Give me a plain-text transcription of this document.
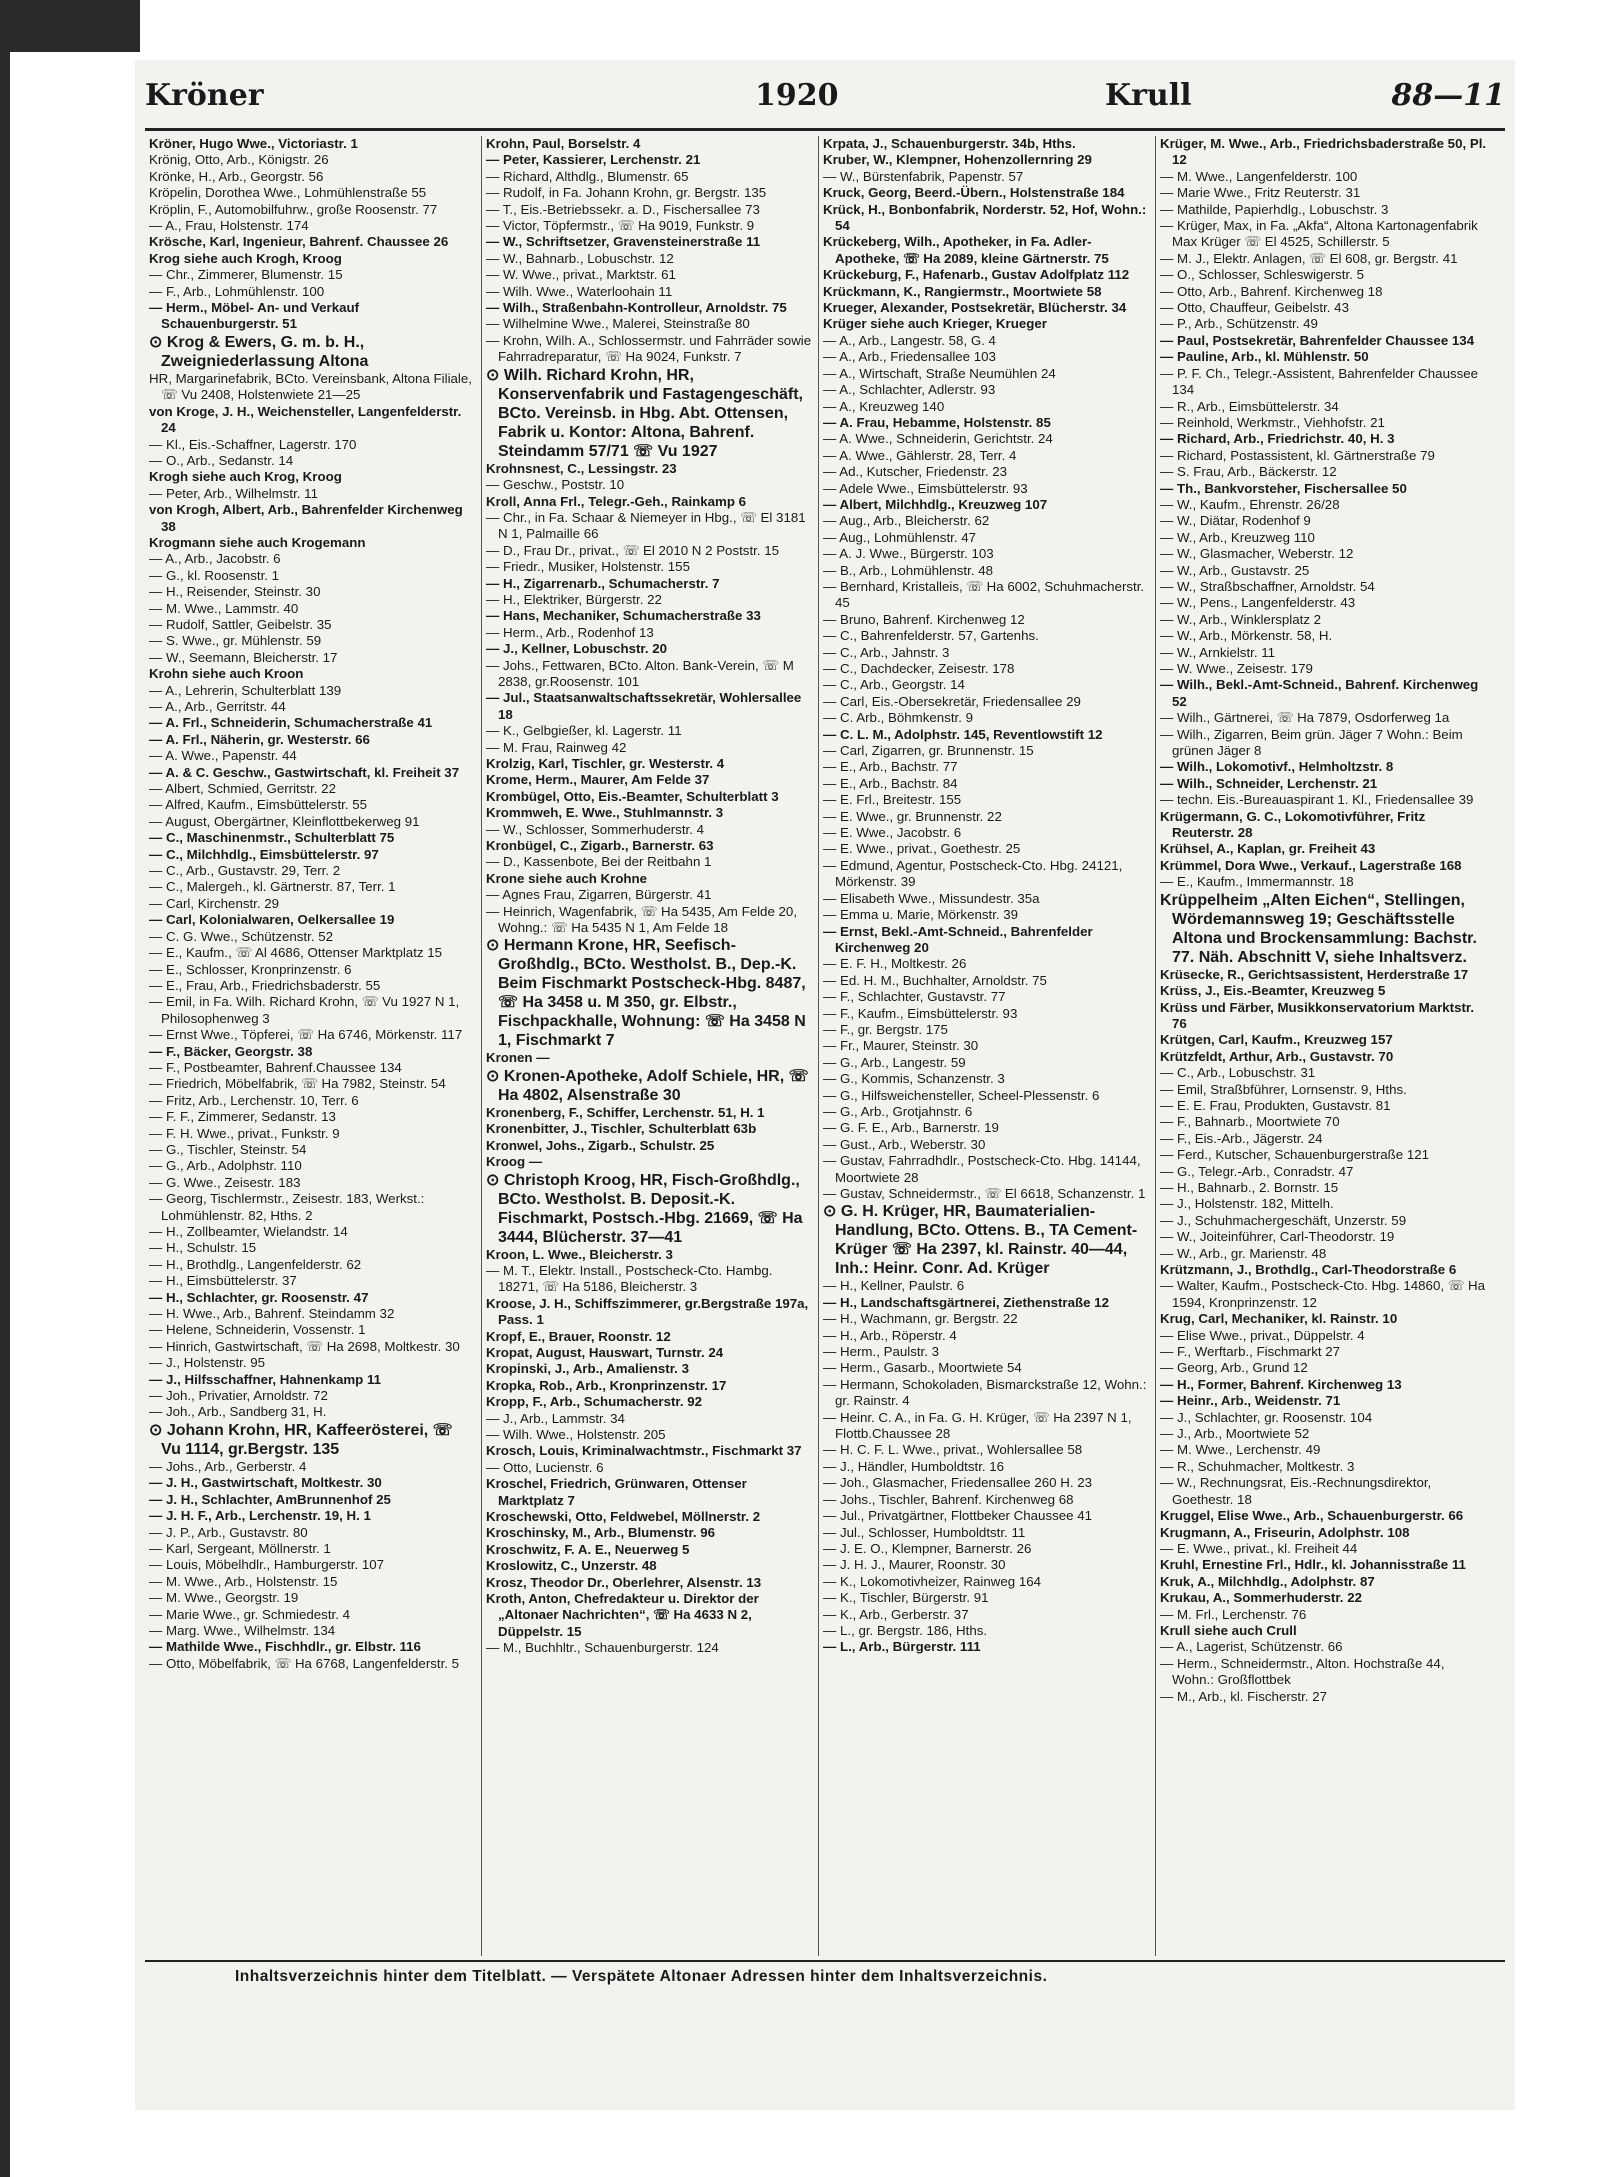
Kröner	1920	Krull	88—11

Kröner, Hugo Wwe., Victoriastr. 1

Krönig, Otto, Arb., Königstr. 26

Krönke, H., Arb., Georgstr. 56

Kröpelin, Dorothea Wwe., Lohmühlenstraße 55

Kröplin, F., Automobilfuhrw., große Roosenstr. 77

— A., Frau, Holstenstr. 174

Krösche, Karl, Ingenieur, Bahrenf. Chaussee 26

Krog siehe auch Krogh, Kroog

— Chr., Zimmerer, Blumenstr. 15

— F., Arb., Lohmühlenstr. 100

— Herm., Möbel- An- und Verkauf Schauenburgerstr. 51

⊙ Krog & Ewers, G. m. b. H., Zweigniederlassung Altona

HR, Margarinefabrik, BCto. Vereinsbank, Altona Filiale, ☏ Vu 2408, Holstenwiete 21—25

von Kroge, J. H., Weichensteller, Langenfelderstr. 24

— Kl., Eis.-Schaffner, Lagerstr. 170

— O., Arb., Sedanstr. 14

Krogh siehe auch Krog, Kroog

— Peter, Arb., Wilhelmstr. 11

von Krogh, Albert, Arb., Bahrenfelder Kirchenweg 38

Krogmann siehe auch Krogemann

— A., Arb., Jacobstr. 6

— G., kl. Roosenstr. 1

— H., Reisender, Steinstr. 30

— M. Wwe., Lammstr. 40

— Rudolf, Sattler, Geibelstr. 35

— S. Wwe., gr. Mühlenstr. 59

— W., Seemann, Bleicherstr. 17

Krohn siehe auch Kroon

— A., Lehrerin, Schulterblatt 139

— A., Arb., Gerritstr. 44

— A. Frl., Schneiderin, Schumacherstraße 41

— A. Frl., Näherin, gr. Westerstr. 66

— A. Wwe., Papenstr. 44

— A. & C. Geschw., Gastwirtschaft, kl. Freiheit 37

— Albert, Schmied, Gerritstr. 22

— Alfred, Kaufm., Eimsbüttelerstr. 55

— August, Obergärtner, Kleinflottbekerweg 91

— C., Maschinenmstr., Schulterblatt 75

— C., Milchhdlg., Eimsbüttelerstr. 97

— C., Arb., Gustavstr. 29, Terr. 2

— C., Malergeh., kl. Gärtnerstr. 87, Terr. 1

— Carl, Kirchenstr. 29

— Carl, Kolonialwaren, Oelkersallee 19

— C. G. Wwe., Schützenstr. 52

— E., Kaufm., ☏ Al 4686, Ottenser Marktplatz 15

— E., Schlosser, Kronprinzenstr. 6

— E., Frau, Arb., Friedrichsbaderstr. 55

— Emil, in Fa. Wilh. Richard Krohn, ☏ Vu 1927 N 1, Philosophenweg 3

— Ernst Wwe., Töpferei, ☏ Ha 6746, Mörkenstr. 117

— F., Bäcker, Georgstr. 38

— F., Postbeamter, Bahrenf.Chaussee 134

— Friedrich, Möbelfabrik, ☏ Ha 7982, Steinstr. 54

— Fritz, Arb., Lerchenstr. 10, Terr. 6

— F. F., Zimmerer, Sedanstr. 13

— F. H. Wwe., privat., Funkstr. 9

— G., Tischler, Steinstr. 54

— G., Arb., Adolphstr. 110

— G. Wwe., Zeisestr. 183

— Georg, Tischlermstr., Zeisestr. 183, Werkst.: Lohmühlenstr. 82, Hths. 2

— H., Zollbeamter, Wielandstr. 14

— H., Schulstr. 15

— H., Brothdlg., Langenfelderstr. 62

— H., Eimsbüttelerstr. 37

— H., Schlachter, gr. Roosenstr. 47

— H. Wwe., Arb., Bahrenf. Steindamm 32

— Helene, Schneiderin, Vossenstr. 1

— Hinrich, Gastwirtschaft, ☏ Ha 2698, Moltkestr. 30

— J., Holstenstr. 95

— J., Hilfsschaffner, Hahnenkamp 11

— Joh., Privatier, Arnoldstr. 72

— Joh., Arb., Sandberg 31, H.

⊙ Johann Krohn, HR, Kaffeerösterei, ☏ Vu 1114, gr.Bergstr. 135

— Johs., Arb., Gerberstr. 4

— J. H., Gastwirtschaft, Moltkestr. 30

— J. H., Schlachter, AmBrunnenhof 25

— J. H. F., Arb., Lerchenstr. 19, H. 1

— J. P., Arb., Gustavstr. 80

— Karl, Sergeant, Möllnerstr. 1

— Louis, Möbelhdlr., Hamburgerstr. 107

— M. Wwe., Arb., Holstenstr. 15

— M. Wwe., Georgstr. 19

— Marie Wwe., gr. Schmiedestr. 4

— Marg. Wwe., Wilhelmstr. 134

— Mathilde Wwe., Fischhdlr., gr. Elbstr. 116

— Otto, Möbelfabrik, ☏ Ha 6768, Langenfelderstr. 5

Krohn, Paul, Borselstr. 4

— Peter, Kassierer, Lerchenstr. 21

— Richard, Althdlg., Blumenstr. 65

— Rudolf, in Fa. Johann Krohn, gr. Bergstr. 135

— T., Eis.-Betriebssekr. a. D., Fischersallee 73

— Victor, Töpfermstr., ☏ Ha 9019, Funkstr. 9

— W., Schriftsetzer, Gravensteinerstraße 11

— W., Bahnarb., Lobuschstr. 12

— W. Wwe., privat., Marktstr. 61

— Wilh. Wwe., Waterloohain 11

— Wilh., Straßenbahn-Kontrolleur, Arnoldstr. 75

— Wilhelmine Wwe., Malerei, Steinstraße 80

— Krohn, Wilh. A., Schlossermstr. und Fahrräder sowie Fahrradreparatur, ☏ Ha 9024, Funkstr. 7

⊙ Wilh. Richard Krohn, HR, Konservenfabrik und Fastagengeschäft, BCto. Vereinsb. in Hbg. Abt. Ottensen, Fabrik u. Kontor: Altona, Bahrenf. Steindamm 57/71 ☏ Vu 1927

Krohnsnest, C., Lessingstr. 23

— Geschw., Poststr. 10

Kroll, Anna Frl., Telegr.-Geh., Rainkamp 6

— Chr., in Fa. Schaar & Niemeyer in Hbg., ☏ El 3181 N 1, Palmaille 66

— D., Frau Dr., privat., ☏ El 2010 N 2 Poststr. 15

— Friedr., Musiker, Holstenstr. 155

— H., Zigarrenarb., Schumacherstr. 7

— H., Elektriker, Bürgerstr. 22

— Hans, Mechaniker, Schumacherstraße 33

— Herm., Arb., Rodenhof 13

— J., Kellner, Lobuschstr. 20

— Johs., Fettwaren, BCto. Alton. Bank-Verein, ☏ M 2838, gr.Roosenstr. 101

— Jul., Staatsanwaltschaftssekretär, Wohlersallee 18

— K., Gelbgießer, kl. Lagerstr. 11

— M. Frau, Rainweg 42

Krolzig, Karl, Tischler, gr. Westerstr. 4

Krome, Herm., Maurer, Am Felde 37

Krombügel, Otto, Eis.-Beamter, Schulterblatt 3

Krommweh, E. Wwe., Stuhlmannstr. 3

— W., Schlosser, Sommerhuderstr. 4

Kronbügel, C., Zigarb., Barnerstr. 63

— D., Kassenbote, Bei der Reitbahn 1

Krone siehe auch Krohne

— Agnes Frau, Zigarren, Bürgerstr. 41

— Heinrich, Wagenfabrik, ☏ Ha 5435, Am Felde 20, Wohng.: ☏ Ha 5435 N 1, Am Felde 18

⊙ Hermann Krone, HR, Seefisch-Großhdlg., BCto. Westholst. B., Dep.-K. Beim Fischmarkt Postscheck-Hbg. 8487, ☏ Ha 3458 u. M 350, gr. Elbstr., Fischpackhalle, Wohnung: ☏ Ha 3458 N 1, Fischmarkt 7

Kronen —

⊙ Kronen-Apotheke, Adolf Schiele, HR, ☏ Ha 4802, Alsenstraße 30

Kronenberg, F., Schiffer, Lerchenstr. 51, H. 1

Kronenbitter, J., Tischler, Schulterblatt 63b

Kronwel, Johs., Zigarb., Schulstr. 25

Kroog —

⊙ Christoph Kroog, HR, Fisch-Großhdlg., BCto. Westholst. B. Deposit.-K. Fischmarkt, Postsch.-Hbg. 21669, ☏ Ha 3444, Blücherstr. 37—41

Kroon, L. Wwe., Bleicherstr. 3

— M. T., Elektr. Install., Postscheck-Cto. Hambg. 18271, ☏ Ha 5186, Bleicherstr. 3

Kroose, J. H., Schiffszimmerer, gr.Bergstraße 197a, Pass. 1

Kropf, E., Brauer, Roonstr. 12

Kropat, August, Hauswart, Turnstr. 24

Kropinski, J., Arb., Amalienstr. 3

Kropka, Rob., Arb., Kronprinzenstr. 17

Kropp, F., Arb., Schumacherstr. 92

— J., Arb., Lammstr. 34

— Wilh. Wwe., Holstenstr. 205

Krosch, Louis, Kriminalwachtmstr., Fischmarkt 37

— Otto, Lucienstr. 6

Kroschel, Friedrich, Grünwaren, Ottenser Marktplatz 7

Kroschewski, Otto, Feldwebel, Möllnerstr. 2

Kroschinsky, M., Arb., Blumenstr. 96

Kroschwitz, F. A. E., Neuerweg 5

Kroslowitz, C., Unzerstr. 48

Krosz, Theodor Dr., Oberlehrer, Alsenstr. 13

Kroth, Anton, Chefredakteur u. Direktor der „Altonaer Nachrichten“, ☏ Ha 4633 N 2, Düppelstr. 15

— M., Buchhltr., Schauenburgerstr. 124

Krpata, J., Schauenburgerstr. 34b, Hths.

Kruber, W., Klempner, Hohenzollernring 29

— W., Bürstenfabrik, Papenstr. 57

Kruck, Georg, Beerd.-Übern., Holstenstraße 184

Krück, H., Bonbonfabrik, Norderstr. 52, Hof, Wohn.: 54

Krückeberg, Wilh., Apotheker, in Fa. Adler-Apotheke, ☏ Ha 2089, kleine Gärtnerstr. 75

Krückeburg, F., Hafenarb., Gustav Adolfplatz 112

Krückmann, K., Rangiermstr., Moortwiete 58

Krueger, Alexander, Postsekretär, Blücherstr. 34

Krüger siehe auch Krieger, Krueger

— A., Arb., Langestr. 58, G. 4

— A., Arb., Friedensallee 103

— A., Wirtschaft, Straße Neumühlen 24

— A., Schlachter, Adlerstr. 93

— A., Kreuzweg 140

— A. Frau, Hebamme, Holstenstr. 85

— A. Wwe., Schneiderin, Gerichtstr. 24

— A. Wwe., Gählerstr. 28, Terr. 4

— Ad., Kutscher, Friedenstr. 23

— Adele Wwe., Eimsbüttelerstr. 93

— Albert, Milchhdlg., Kreuzweg 107

— Aug., Arb., Bleicherstr. 62

— Aug., Lohmühlenstr. 47

— A. J. Wwe., Bürgerstr. 103

— B., Arb., Lohmühlenstr. 48

— Bernhard, Kristalleis, ☏ Ha 6002, Schuhmacherstr. 45

— Bruno, Bahrenf. Kirchenweg 12

— C., Bahrenfelderstr. 57, Gartenhs.

— C., Arb., Jahnstr. 3

— C., Dachdecker, Zeisestr. 178

— C., Arb., Georgstr. 14

— Carl, Eis.-Obersekretär, Friedensallee 29

— C. Arb., Böhmkenstr. 9

— C. L. M., Adolphstr. 145, Reventlowstift 12

— Carl, Zigarren, gr. Brunnenstr. 15

— E., Arb., Bachstr. 77

— E., Arb., Bachstr. 84

— E. Frl., Breitestr. 155

— E. Wwe., gr. Brunnenstr. 22

— E. Wwe., Jacobstr. 6

— E. Wwe., privat., Goethestr. 25

— Edmund, Agentur, Postscheck-Cto. Hbg. 24121, Mörkenstr. 39

— Elisabeth Wwe., Missundestr. 35a

— Emma u. Marie, Mörkenstr. 39

— Ernst, Bekl.-Amt-Schneid., Bahrenfelder Kirchenweg 20

— E. F. H., Moltkestr. 26

— Ed. H. M., Buchhalter, Arnoldstr. 75

— F., Schlachter, Gustavstr. 77

— F., Kaufm., Eimsbüttelerstr. 93

— F., gr. Bergstr. 175

— Fr., Maurer, Steinstr. 30

— G., Arb., Langestr. 59

— G., Kommis, Schanzenstr. 3

— G., Hilfsweichensteller, Scheel-Plessenstr. 6

— G., Arb., Grotjahnstr. 6

— G. F. E., Arb., Barnerstr. 19

— Gust., Arb., Weberstr. 30

— Gustav, Fahrradhdlr., Postscheck-Cto. Hbg. 14144, Moortwiete 28

— Gustav, Schneidermstr., ☏ El 6618, Schanzenstr. 1

⊙ G. H. Krüger, HR, Baumaterialien-Handlung, BCto. Ottens. B., TA Cement-Krüger ☏ Ha 2397, kl. Rainstr. 40—44, Inh.: Heinr. Conr. Ad. Krüger

— H., Kellner, Paulstr. 6

— H., Landschaftsgärtnerei, Ziethenstraße 12

— H., Wachmann, gr. Bergstr. 22

— H., Arb., Röperstr. 4

— Herm., Paulstr. 3

— Herm., Gasarb., Moortwiete 54

— Hermann, Schokoladen, Bismarckstraße 12, Wohn.: gr. Rainstr. 4

— Heinr. C. A., in Fa. G. H. Krüger, ☏ Ha 2397 N 1, Flottb.Chaussee 28

— H. C. F. L. Wwe., privat., Wohlersallee 58

— J., Händler, Humboldtstr. 16

— Joh., Glasmacher, Friedensallee 260 H. 23

— Johs., Tischler, Bahrenf. Kirchenweg 68

— Jul., Privatgärtner, Flottbeker Chaussee 41

— Jul., Schlosser, Humboldtstr. 11

— J. E. O., Klempner, Barnerstr. 26

— J. H. J., Maurer, Roonstr. 30

— K., Lokomotivheizer, Rainweg 164

— K., Tischler, Bürgerstr. 91

— K., Arb., Gerberstr. 37

— L., gr. Bergstr. 186, Hths.

— L., Arb., Bürgerstr. 111

Krüger, M. Wwe., Arb., Friedrichsbaderstraße 50, Pl. 12

— M. Wwe., Langenfelderstr. 100

— Marie Wwe., Fritz Reuterstr. 31

— Mathilde, Papierhdlg., Lobuschstr. 3

— Krüger, Max, in Fa. „Akfa“, Altona Kartonagenfabrik Max Krüger ☏ El 4525, Schillerstr. 5

— M. J., Elektr. Anlagen, ☏ El 608, gr. Bergstr. 41

— O., Schlosser, Schleswigerstr. 5

— Otto, Arb., Bahrenf. Kirchenweg 18

— Otto, Chauffeur, Geibelstr. 43

— P., Arb., Schützenstr. 49

— Paul, Postsekretär, Bahrenfelder Chaussee 134

— Pauline, Arb., kl. Mühlenstr. 50

— P. F. Ch., Telegr.-Assistent, Bahrenfelder Chaussee 134

— R., Arb., Eimsbüttelerstr. 34

— Reinhold, Werkmstr., Viehhofstr. 21

— Richard, Arb., Friedrichstr. 40, H. 3

— Richard, Postassistent, kl. Gärtnerstraße 79

— S. Frau, Arb., Bäckerstr. 12

— Th., Bankvorsteher, Fischersallee 50

— W., Kaufm., Ehrenstr. 26/28

— W., Diätar, Rodenhof 9

— W., Arb., Kreuzweg 110

— W., Glasmacher, Weberstr. 12

— W., Arb., Gustavstr. 25

— W., Straßbschaffner, Arnoldstr. 54

— W., Pens., Langenfelderstr. 43

— W., Arb., Winklersplatz 2

— W., Arb., Mörkenstr. 58, H.

— W., Arnkielstr. 11

— W. Wwe., Zeisestr. 179

— Wilh., Bekl.-Amt-Schneid., Bahrenf. Kirchenweg 52

— Wilh., Gärtnerei, ☏ Ha 7879, Osdorferweg 1a

— Wilh., Zigarren, Beim grün. Jäger 7 Wohn.: Beim grünen Jäger 8

— Wilh., Lokomotivf., Helmholtzstr. 8

— Wilh., Schneider, Lerchenstr. 21

— techn. Eis.-Bureauaspirant 1. Kl., Friedensallee 39

Krügermann, G. C., Lokomotivführer, Fritz Reuterstr. 28

Krühsel, A., Kaplan, gr. Freiheit 43

Krümmel, Dora Wwe., Verkauf., Lagerstraße 168

— E., Kaufm., Immermannstr. 18

Krüppelheim „Alten Eichen“, Stellingen, Wördemannsweg 19; Geschäftsstelle Altona und Brockensammlung: Bachstr. 77. Näh. Abschnitt V, siehe Inhaltsverz.

Krüsecke, R., Gerichtsassistent, Herderstraße 17

Krüss, J., Eis.-Beamter, Kreuzweg 5

Krüss und Färber, Musikkonservatorium Marktstr. 76

Krütgen, Carl, Kaufm., Kreuzweg 157

Krützfeldt, Arthur, Arb., Gustavstr. 70

— C., Arb., Lobuschstr. 31

— Emil, Straßbführer, Lornsenstr. 9, Hths.

— E. E. Frau, Produkten, Gustavstr. 81

— F., Bahnarb., Moortwiete 70

— F., Eis.-Arb., Jägerstr. 24

— Ferd., Kutscher, Schauenburgerstraße 121

— G., Telegr.-Arb., Conradstr. 47

— H., Bahnarb., 2. Bornstr. 15

— J., Holstenstr. 182, Mittelh.

— J., Schuhmachergeschäft, Unzerstr. 59

— W., Joiteinführer, Carl-Theodorstr. 19

— W., Arb., gr. Marienstr. 48

Krützmann, J., Brothdlg., Carl-Theodorstraße 6

— Walter, Kaufm., Postscheck-Cto. Hbg. 14860, ☏ Ha 1594, Kronprinzenstr. 12

Krug, Carl, Mechaniker, kl. Rainstr. 10

— Elise Wwe., privat., Düppelstr. 4

— F., Werftarb., Fischmarkt 27

— Georg, Arb., Grund 12

— H., Former, Bahrenf. Kirchenweg 13

— Heinr., Arb., Weidenstr. 71

— J., Schlachter, gr. Roosenstr. 104

— J., Arb., Moortwiete 52

— M. Wwe., Lerchenstr. 49

— R., Schuhmacher, Moltkestr. 3

— W., Rechnungsrat, Eis.-Rechnungsdirektor, Goethestr. 18

Kruggel, Elise Wwe., Arb., Schauenburgerstr. 66

Krugmann, A., Friseurin, Adolphstr. 108

— E. Wwe., privat., kl. Freiheit 44

Kruhl, Ernestine Frl., Hdlr., kl. Johannisstraße 11

Kruk, A., Milchhdlg., Adolphstr. 87

Krukau, A., Sommerhuderstr. 22

— M. Frl., Lerchenstr. 76

Krull siehe auch Crull

— A., Lagerist, Schützenstr. 66

— Herm., Schneidermstr., Alton. Hochstraße 44, Wohn.: Großflottbek

— M., Arb., kl. Fischerstr. 27

Inhaltsverzeichnis hinter dem Titelblatt. — Verspätete Altonaer Adressen hinter dem Inhaltsverzeichnis.
